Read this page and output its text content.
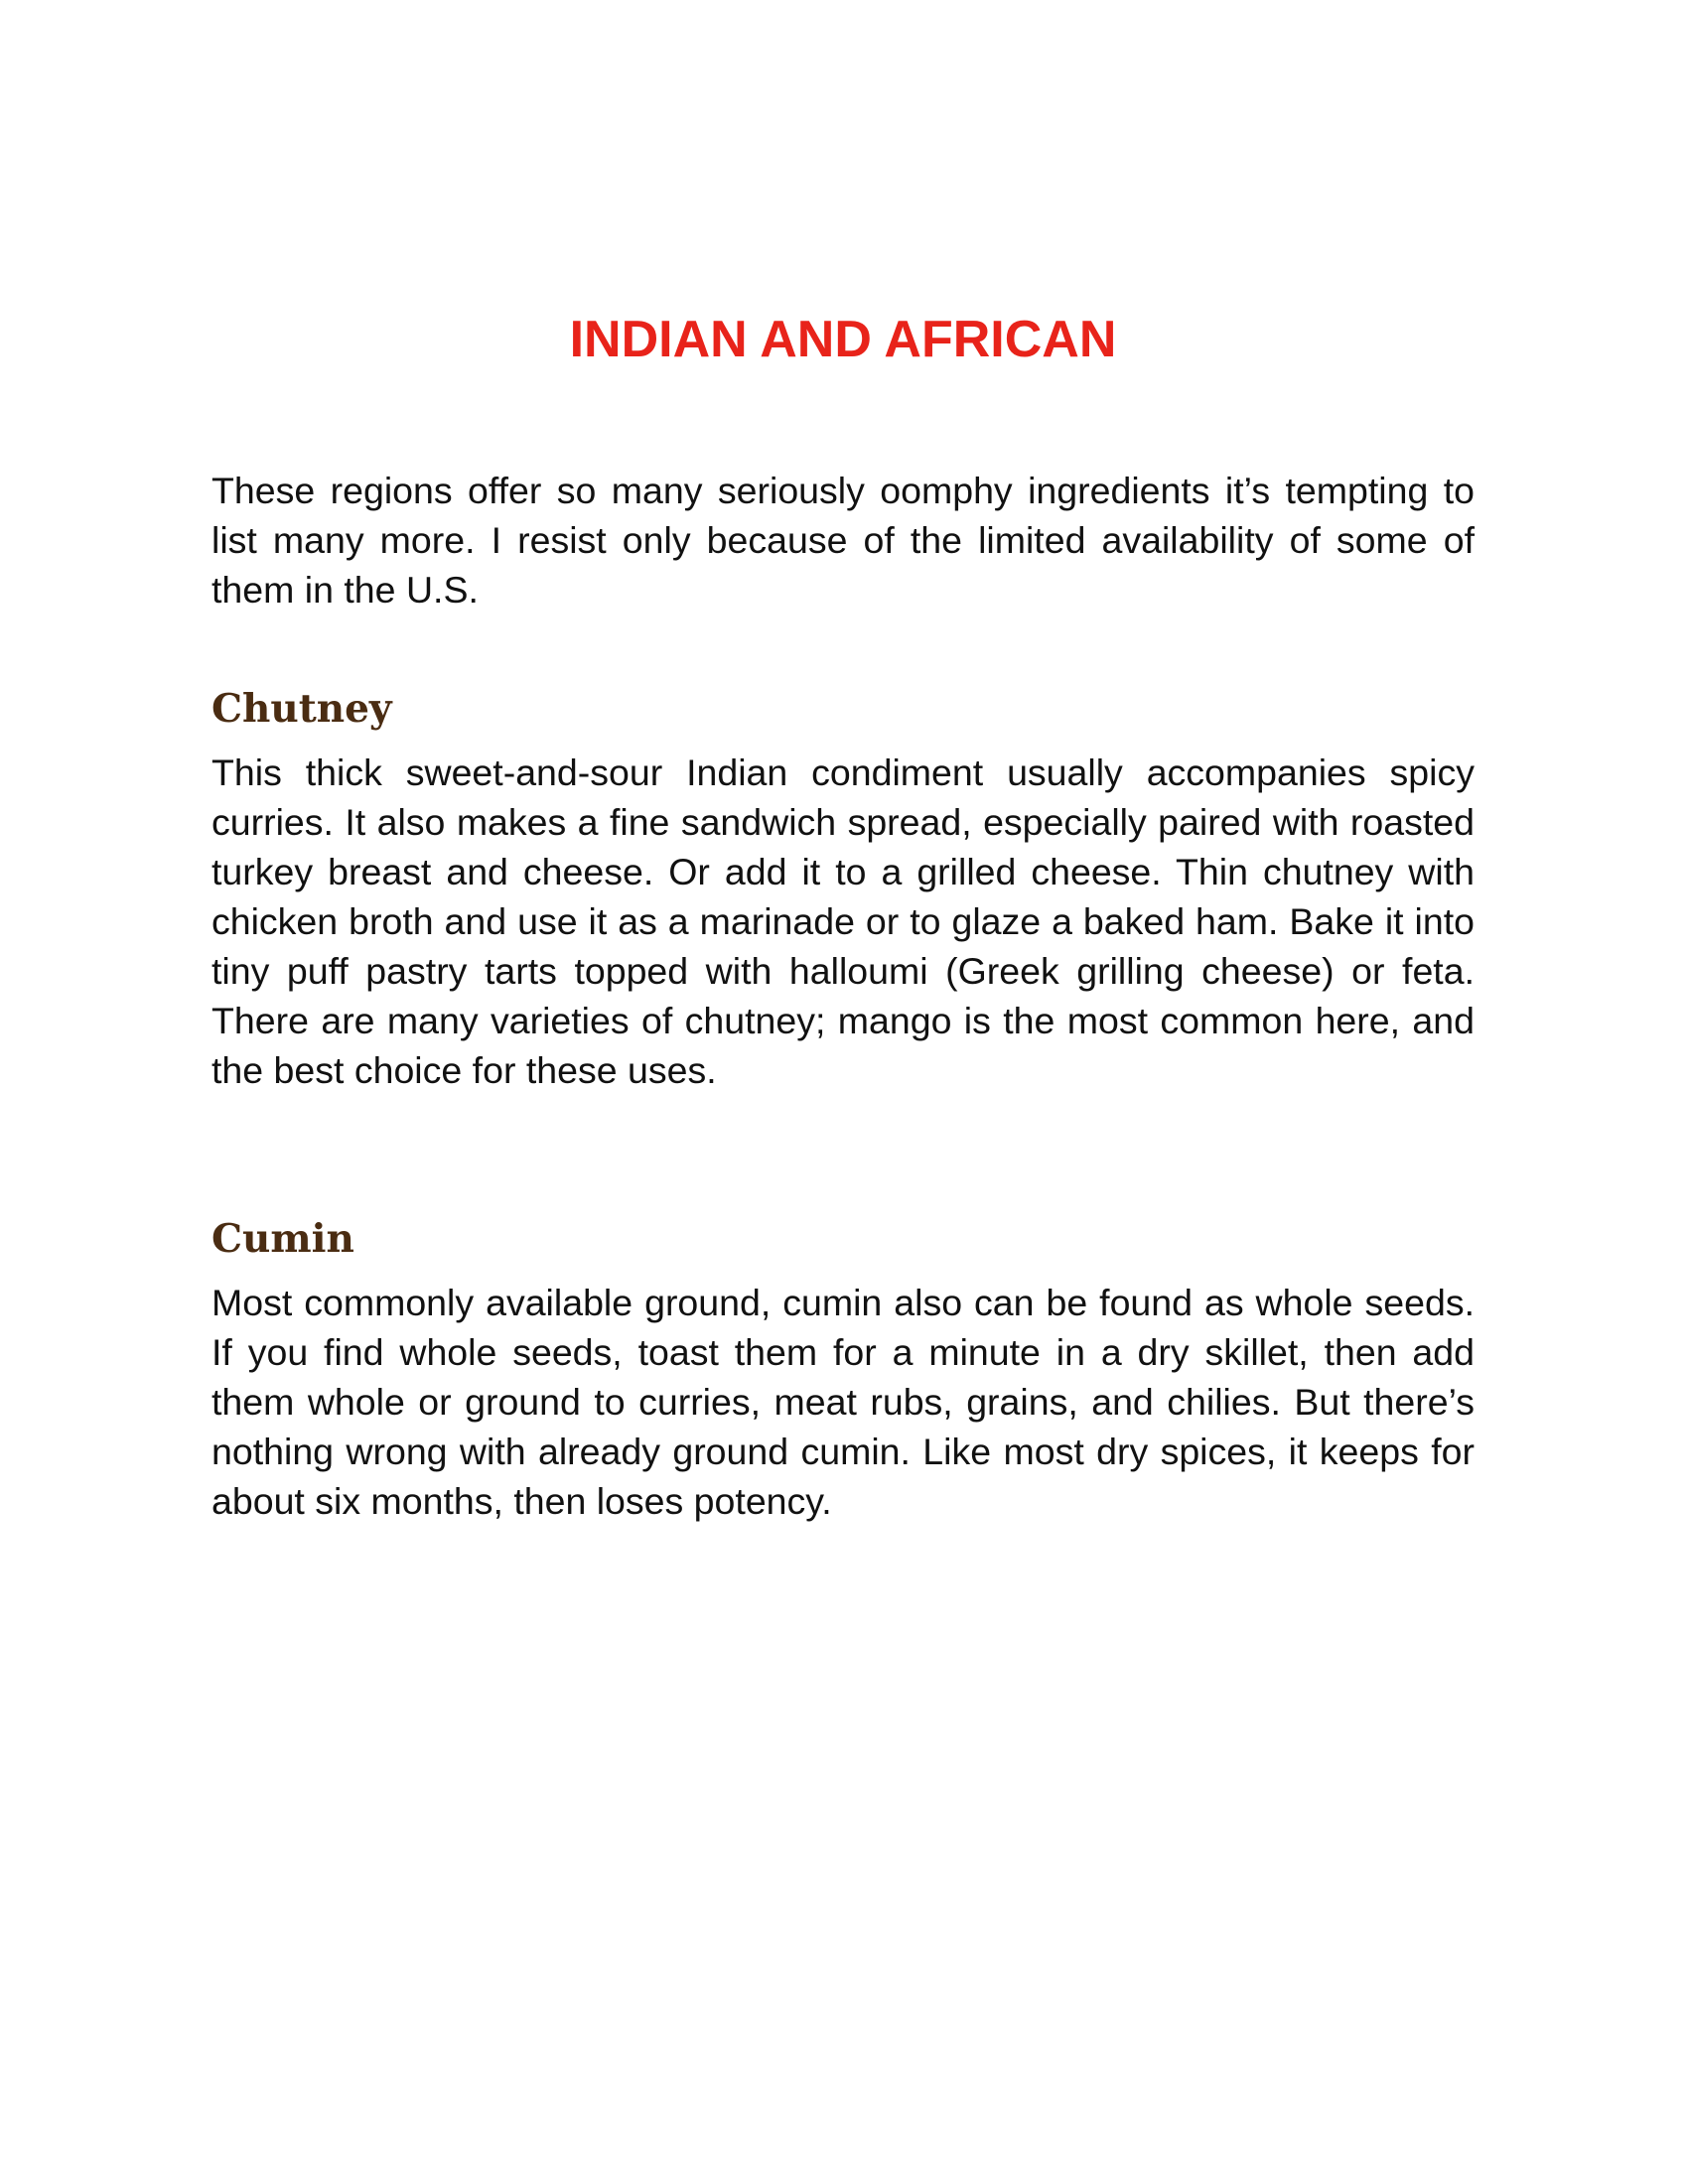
INDIAN AND AFRICAN

These regions offer so many seriously oomphy ingredients it’s tempting to list many more. I resist only because of the limited availability of some of them in the U.S.

Chutney

This thick sweet-and-sour Indian condiment usually accompanies spicy curries. It also makes a fine sandwich spread, especially paired with roasted turkey breast and cheese. Or add it to a grilled cheese. Thin chutney with chicken broth and use it as a marinade or to glaze a baked ham. Bake it into tiny puff pastry tarts topped with halloumi (Greek grilling cheese) or feta. There are many varieties of chutney; mango is the most common here, and the best choice for these uses.

Cumin

Most commonly available ground, cumin also can be found as whole seeds. If you find whole seeds, toast them for a minute in a dry skillet, then add them whole or ground to curries, meat rubs, grains, and chilies. But there’s nothing wrong with already ground cumin. Like most dry spices, it keeps for about six months, then loses potency.
